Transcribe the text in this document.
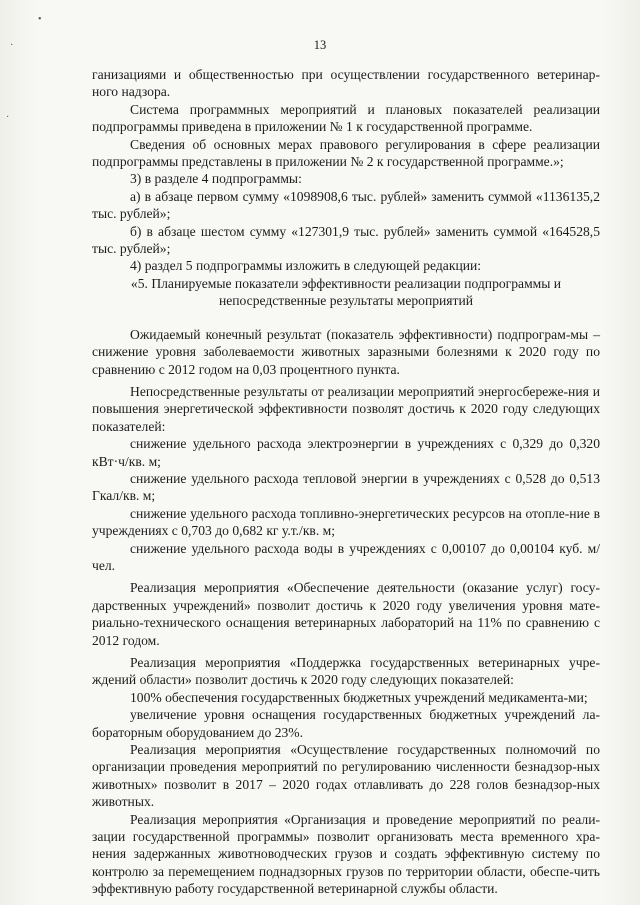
•
·
·
13

ганизациями и общественностью при осуществлении государственного ветеринар-ного надзора.

Система программных мероприятий и плановых показателей реализации подпрограммы приведена в приложении № 1 к государственной программе.

Сведения об основных мерах правового регулирования в сфере реализации подпрограммы представлены в приложении № 2 к государственной программе.»;

3) в разделе 4 подпрограммы:

а) в абзаце первом сумму «1098908,6 тыс. рублей» заменить суммой «1136135,2 тыс. рублей»;

б) в абзаце шестом сумму «127301,9 тыс. рублей» заменить суммой «164528,5 тыс. рублей»;

4) раздел 5 подпрограммы изложить в следующей редакции:

«5. Планируемые показатели эффективности реализации подпрограммы и

непосредственные результаты мероприятий

Ожидаемый конечный результат (показатель эффективности) подпрограм-мы – снижение уровня заболеваемости животных заразными болезнями к 2020 году по сравнению с 2012 годом на 0,03 процентного пункта.

Непосредственные результаты от реализации мероприятий энергосбереже-ния и повышения энергетической эффективности позволят достичь к 2020 году следующих показателей:

снижение удельного расхода электроэнергии в учреждениях с 0,329 до 0,320 кВт·ч/кв. м;

снижение удельного расхода тепловой энергии в учреждениях с 0,528 до 0,513 Гкал/кв. м;

снижение удельного расхода топливно-энергетических ресурсов на отопле-ние в учреждениях с 0,703 до 0,682 кг у.т./кв. м;

снижение удельного расхода воды в учреждениях с 0,00107 до 0,00104 куб. м/чел.

Реализация мероприятия «Обеспечение деятельности (оказание услуг) госу-дарственных учреждений» позволит достичь к 2020 году увеличения уровня мате-риально-технического оснащения ветеринарных лабораторий на 11% по сравнению с 2012 годом.

Реализация мероприятия «Поддержка государственных ветеринарных учре-ждений области» позволит достичь к 2020 году следующих показателей:

100% обеспечения государственных бюджетных учреждений медикамента-ми;

увеличение уровня оснащения государственных бюджетных учреждений ла-бораторным оборудованием до 23%.

Реализация мероприятия «Осуществление государственных полномочий по организации проведения мероприятий по регулированию численности безнадзор-ных животных» позволит в 2017 – 2020 годах отлавливать до 228 голов безнадзор-ных животных.

Реализация мероприятия «Организация и проведение мероприятий по реали-зации государственной программы» позволит организовать места временного хра-нения задержанных животноводческих грузов и создать эффективную систему по контролю за перемещением поднадзорных грузов по территории области, обеспе-чить эффективную работу государственной ветеринарной службы области.
